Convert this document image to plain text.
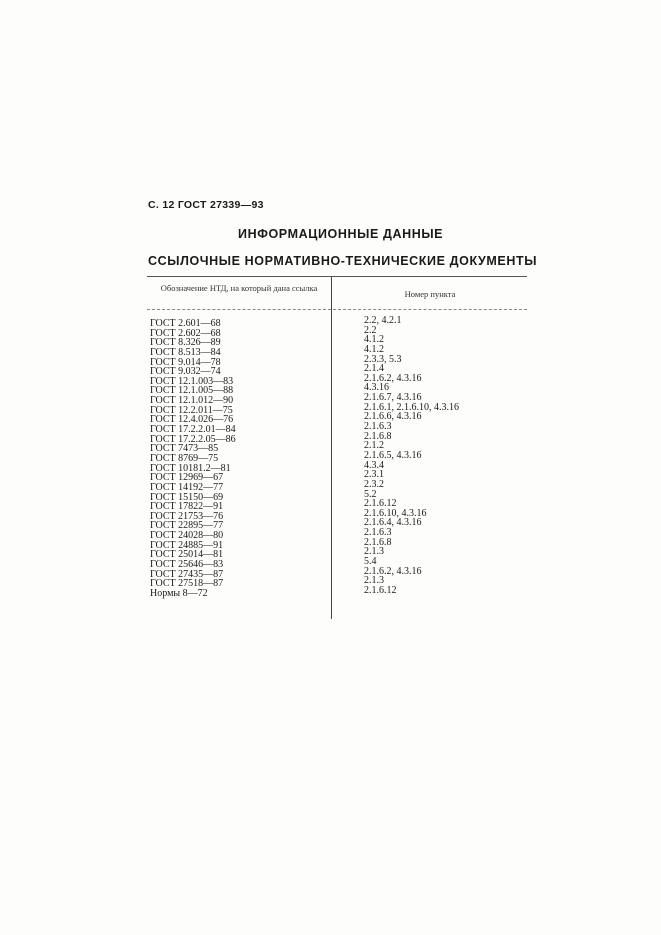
С. 12 ГОСТ 27339—93
ИНФОРМАЦИОННЫЕ ДАННЫЕ
ССЫЛОЧНЫЕ НОРМАТИВНО-ТЕХНИЧЕСКИЕ ДОКУМЕНТЫ
Обозначение НТД, на который дана ссылка
Номер пункта
ГОСТ 2.601—68
ГОСТ 2.602—68
ГОСТ 8.326—89
ГОСТ 8.513—84
ГОСТ 9.014—78
ГОСТ 9.032—74
ГОСТ 12.1.003—83
ГОСТ 12.1.005—88
ГОСТ 12.1.012—90
ГОСТ 12.2.011—75
ГОСТ 12.4.026—76
ГОСТ 17.2.2.01—84
ГОСТ 17.2.2.05—86
ГОСТ 7473—85
ГОСТ 8769—75
ГОСТ 10181.2—81
ГОСТ 12969—67
ГОСТ 14192—77
ГОСТ 15150—69
ГОСТ 17822—91
ГОСТ 21753—76
ГОСТ 22895—77
ГОСТ 24028—80
ГОСТ 24885—91
ГОСТ 25014—81
ГОСТ 25646—83
ГОСТ 27435—87
ГОСТ 27518—87
Нормы 8—72
2.2, 4.2.1
2.2
4.1.2
4.1.2
2.3.3, 5.3
2.1.4
2.1.6.2, 4.3.16
4.3.16
2.1.6.7, 4.3.16
2.1.6.1, 2.1.6.10, 4.3.16
2.1.6.6, 4.3.16
2.1.6.3
2.1.6.8
2.1.2
2.1.6.5, 4.3.16
4.3.4
2.3.1
2.3.2
5.2
2.1.6.12
2.1.6.10, 4.3.16
2.1.6.4, 4.3.16
2.1.6.3
2.1.6.8
2.1.3
5.4
2.1.6.2, 4.3.16
2.1.3
2.1.6.12
